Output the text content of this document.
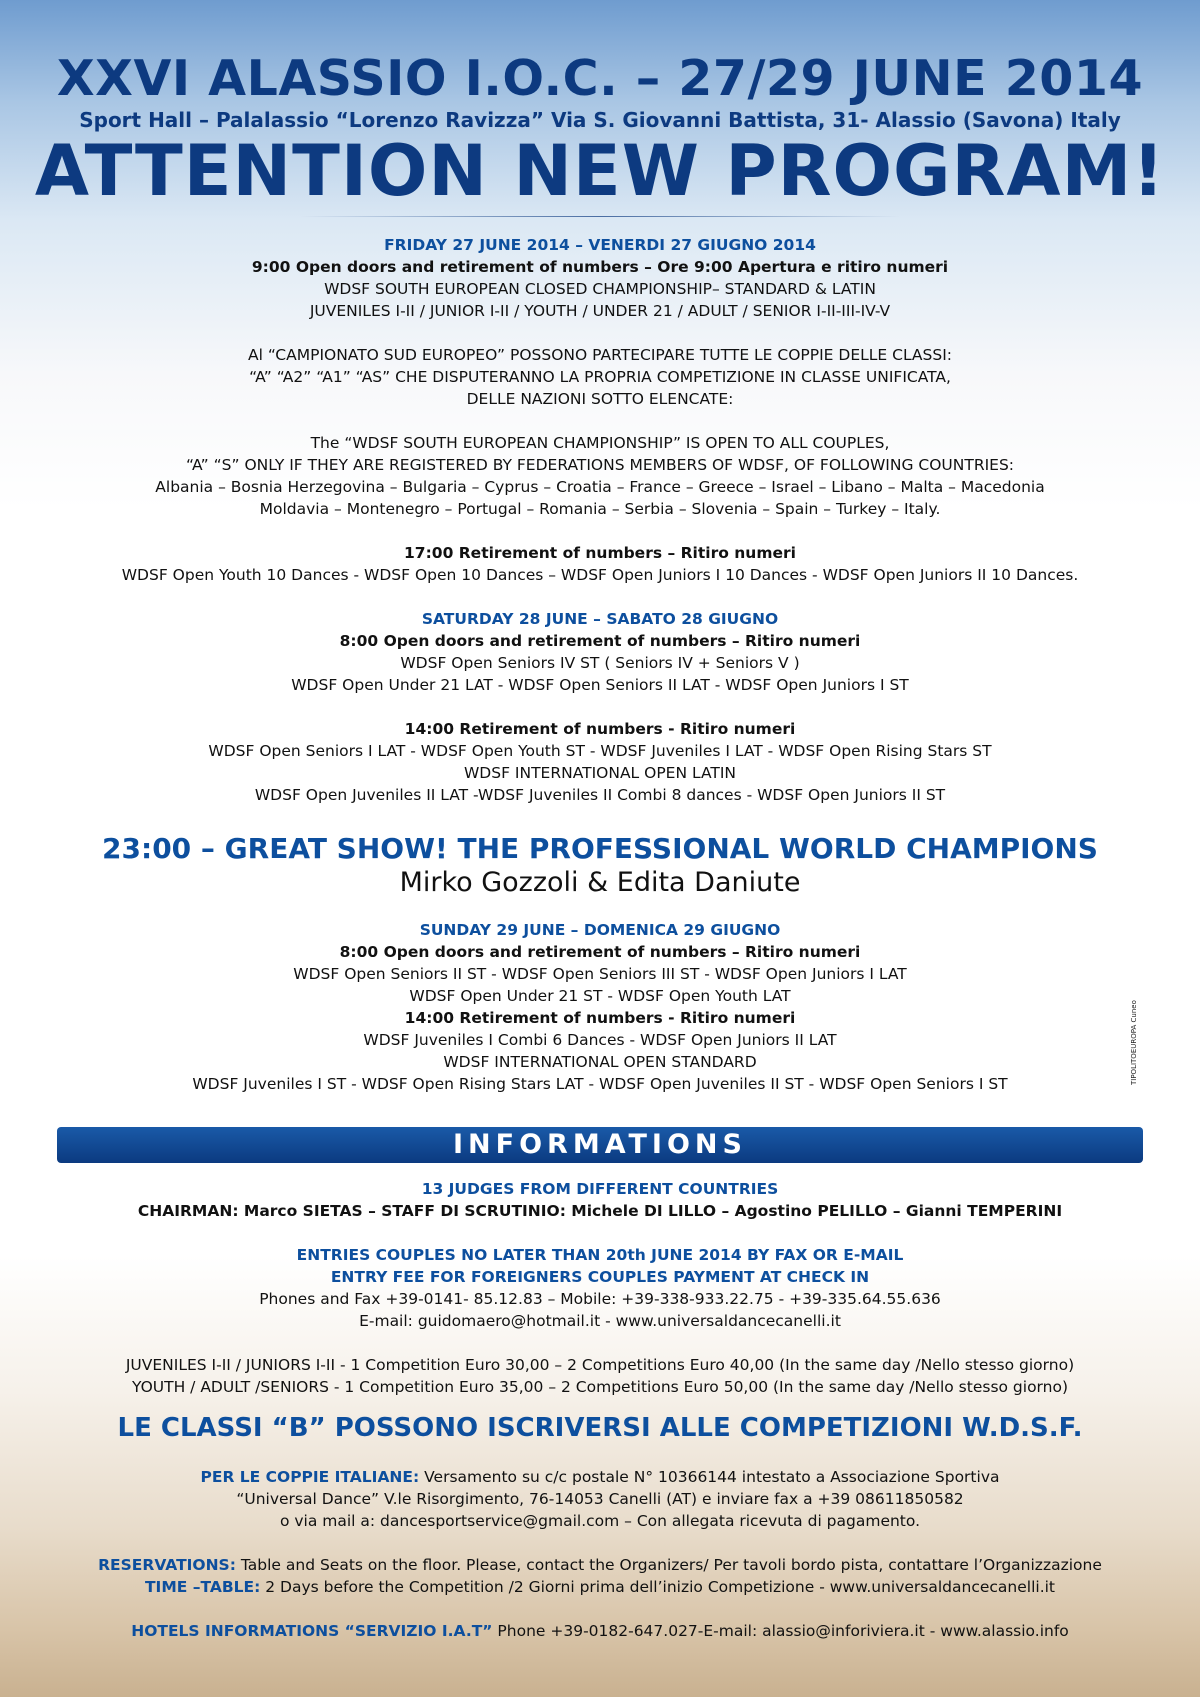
XXVI ALASSIO I.O.C. – 27/29 JUNE 2014
Sport Hall – Palalassio “Lorenzo Ravizza” Via S. Giovanni Battista, 31- Alassio (Savona) Italy
ATTENTION NEW PROGRAM!
FRIDAY 27 JUNE 2014 – VENERDI 27 GIUGNO 2014
9:00 Open doors and retirement of numbers – Ore 9:00 Apertura e ritiro numeri
WDSF SOUTH EUROPEAN CLOSED CHAMPIONSHIP– STANDARD & LATIN
JUVENILES I-II / JUNIOR I-II / YOUTH / UNDER 21 / ADULT / SENIOR I-II-III-IV-V
Al “CAMPIONATO SUD EUROPEO” POSSONO PARTECIPARE TUTTE LE COPPIE DELLE CLASSI:
“A” “A2” “A1” “AS” CHE DISPUTERANNO LA PROPRIA COMPETIZIONE IN CLASSE UNIFICATA,
DELLE NAZIONI SOTTO ELENCATE:
The “WDSF SOUTH EUROPEAN CHAMPIONSHIP” IS OPEN TO ALL COUPLES,
“A” “S” ONLY IF THEY ARE REGISTERED BY FEDERATIONS MEMBERS OF WDSF, OF FOLLOWING COUNTRIES:
Albania – Bosnia Herzegovina – Bulgaria – Cyprus – Croatia – France – Greece – Israel – Libano – Malta – Macedonia
Moldavia – Montenegro – Portugal – Romania – Serbia – Slovenia – Spain – Turkey – Italy.
17:00 Retirement of numbers – Ritiro numeri
WDSF Open Youth 10 Dances - WDSF Open 10 Dances – WDSF Open Juniors I 10 Dances - WDSF Open Juniors II 10 Dances.
SATURDAY 28 JUNE – SABATO 28 GIUGNO
8:00 Open doors and retirement of numbers – Ritiro numeri
WDSF Open Seniors IV ST ( Seniors IV + Seniors V )
WDSF Open Under 21 LAT - WDSF Open Seniors II LAT - WDSF Open Juniors I ST
14:00 Retirement of numbers - Ritiro numeri
WDSF Open Seniors I LAT - WDSF Open Youth ST - WDSF Juveniles I LAT - WDSF Open Rising Stars ST
WDSF INTERNATIONAL OPEN LATIN
WDSF Open Juveniles II LAT -WDSF Juveniles II Combi 8 dances - WDSF Open Juniors II ST
23:00 – GREAT SHOW! THE PROFESSIONAL WORLD CHAMPIONS
Mirko Gozzoli & Edita Daniute
SUNDAY 29 JUNE – DOMENICA 29 GIUGNO
8:00 Open doors and retirement of numbers – Ritiro numeri
WDSF Open Seniors II ST - WDSF Open Seniors III ST - WDSF Open Juniors I LAT
WDSF Open Under 21 ST - WDSF Open Youth LAT
14:00 Retirement of numbers - Ritiro numeri
WDSF Juveniles I Combi 6 Dances - WDSF Open Juniors II LAT
WDSF INTERNATIONAL OPEN STANDARD
WDSF Juveniles I ST - WDSF Open Rising Stars LAT - WDSF Open Juveniles II ST - WDSF Open Seniors I ST	TIPOLITOEUROPA Cuneo
INFORMATIONS
13 JUDGES FROM DIFFERENT COUNTRIES
CHAIRMAN: Marco SIETAS – STAFF DI SCRUTINIO: Michele DI LILLO – Agostino PELILLO – Gianni TEMPERINI
ENTRIES COUPLES NO LATER THAN 20th JUNE 2014 BY FAX OR E-MAIL
ENTRY FEE FOR FOREIGNERS COUPLES PAYMENT AT CHECK IN
Phones and Fax +39-0141- 85.12.83 – Mobile: +39-338-933.22.75 - +39-335.64.55.636
E-mail: guidomaero@hotmail.it - www.universaldancecanelli.it
JUVENILES I-II / JUNIORS I-II - 1 Competition Euro 30,00 – 2 Competitions Euro 40,00 (In the same day /Nello stesso giorno)
YOUTH / ADULT /SENIORS - 1 Competition Euro 35,00 – 2 Competitions Euro 50,00 (In the same day /Nello stesso giorno)
LE CLASSI “B” POSSONO ISCRIVERSI ALLE COMPETIZIONI W.D.S.F.
PER LE COPPIE ITALIANE: Versamento su c/c postale N° 10366144 intestato a Associazione Sportiva
“Universal Dance” V.le Risorgimento, 76-14053 Canelli (AT) e inviare fax a +39 08611850582
o via mail a: dancesportservice@gmail.com – Con allegata ricevuta di pagamento.
RESERVATIONS: Table and Seats on the floor. Please, contact the Organizers/ Per tavoli bordo pista, contattare l’Organizzazione
TIME –TABLE: 2 Days before the Competition /2 Giorni prima dell’inizio Competizione - www.universaldancecanelli.it
HOTELS INFORMATIONS “SERVIZIO I.A.T” Phone +39-0182-647.027-E-mail: alassio@inforiviera.it - www.alassio.info
